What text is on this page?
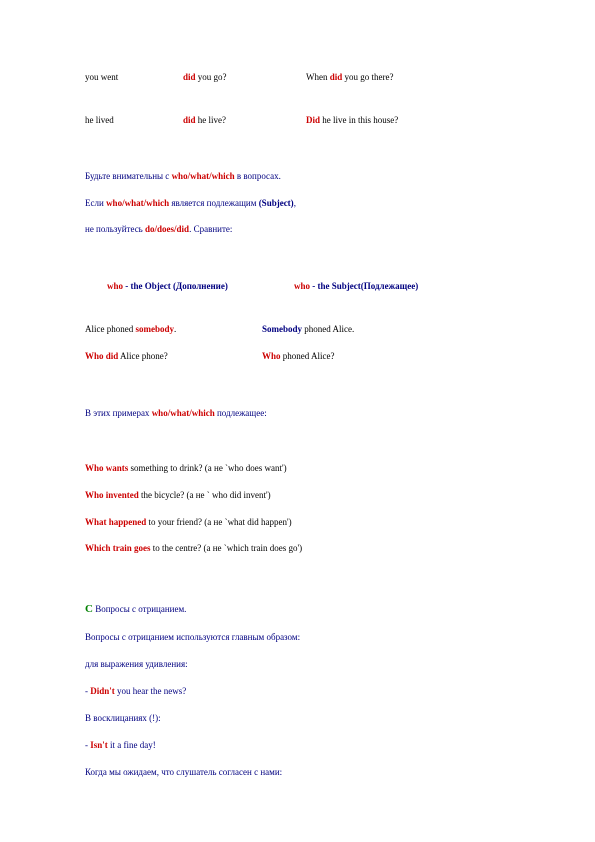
you went	did you go?	When did you go there?
he lived	did he live?	Did he live in this house?
Будьте внимательны с who/what/which в вопросах.
Если who/what/which является подлежащим (Subject),
не пользуйтесь do/does/did. Сравните:
who - the Object (Дополнение)	who - the Subject(Подлежащее)
Alice phoned somebody.	Somebody phoned Alice.
Who did Alice phone?	Who phoned Alice?
В этих примерах who/what/which подлежащее:
Who wants something to drink? (a не `who does want')
Who invented the bicycle? (а не ` who did invent')
What happened to your friend? (а не `what did happen')
Which train goes to the centre? (а не `which train does go')
C Вопросы с отрицанием.
Вопросы с отрицанием используются главным образом:
для выражения удивления:
- Didn't you hear the news?
В восклицаниях (!):
- Isn't it a fine day!
Когда мы ожидаем, что слушатель согласен с нами:
